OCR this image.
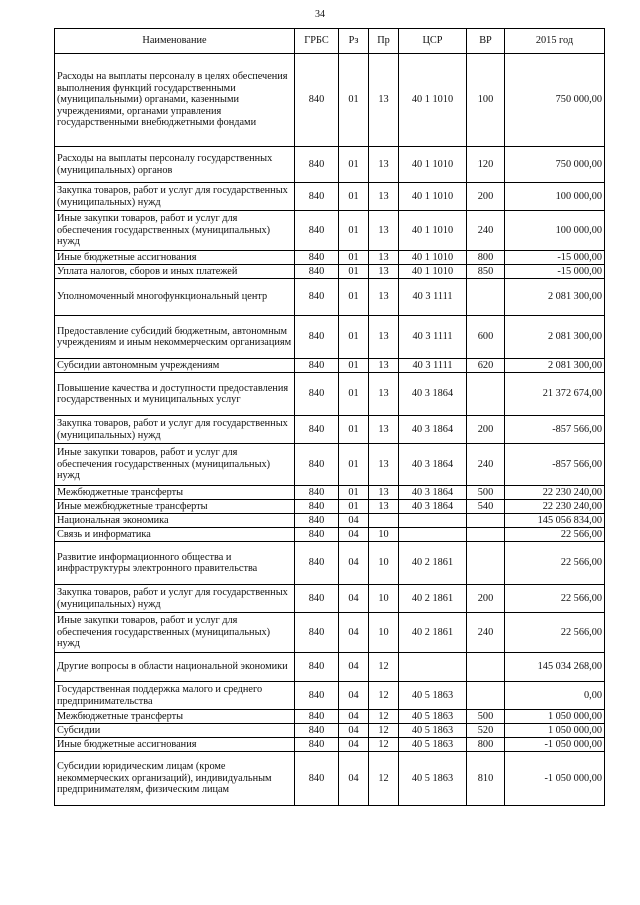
34
Наименование	ГРБС	Рз	Пр	ЦСР	ВР	2015 год
Расходы на выплаты персоналу в целях обеспечения выполнения функций государственными (муниципальными) органами, казенными учреждениями, органами управления государственными внебюджетными фондами	840	01	13	40 1 1010	100	750 000,00
Расходы на выплаты персоналу государственных (муниципальных) органов	840	01	13	40 1 1010	120	750 000,00
Закупка товаров, работ и услуг для государственных (муниципальных) нужд	840	01	13	40 1 1010	200	100 000,00
Иные закупки товаров, работ и услуг для обеспечения государственных (муниципальных) нужд	840	01	13	40 1 1010	240	100 000,00
Иные бюджетные ассигнования	840	01	13	40 1 1010	800	-15 000,00
Уплата налогов, сборов и иных платежей	840	01	13	40 1 1010	850	-15 000,00
Уполномоченный многофункциональный центр	840	01	13	40 3 1111		2 081 300,00
Предоставление субсидий бюджетным, автономным учреждениям и иным некоммерческим организациям	840	01	13	40 3 1111	600	2 081 300,00
Субсидии автономным учреждениям	840	01	13	40 3 1111	620	2 081 300,00
Повышение качества и доступности предоставления государственных и муниципальных услуг	840	01	13	40 3 1864		21 372 674,00
Закупка товаров, работ и услуг для государственных (муниципальных) нужд	840	01	13	40 3 1864	200	-857 566,00
Иные закупки товаров, работ и услуг для обеспечения государственных (муниципальных) нужд	840	01	13	40 3 1864	240	-857 566,00
Межбюджетные трансферты	840	01	13	40 3 1864	500	22 230 240,00
Иные межбюджетные трансферты	840	01	13	40 3 1864	540	22 230 240,00
Национальная экономика	840	04				145 056 834,00
Связь и информатика	840	04	10			22 566,00
Развитие информационного общества и инфраструктуры электронного правительства	840	04	10	40 2 1861		22 566,00
Закупка товаров, работ и услуг для государственных (муниципальных) нужд	840	04	10	40 2 1861	200	22 566,00
Иные закупки товаров, работ и услуг для обеспечения государственных (муниципальных) нужд	840	04	10	40 2 1861	240	22 566,00
Другие вопросы в области национальной экономики	840	04	12			145 034 268,00
Государственная поддержка малого и среднего предпринимательства	840	04	12	40 5 1863		0,00
Межбюджетные трансферты	840	04	12	40 5 1863	500	1 050 000,00
Субсидии	840	04	12	40 5 1863	520	1 050 000,00
Иные бюджетные ассигнования	840	04	12	40 5 1863	800	-1 050 000,00
Субсидии юридическим лицам (кроме некоммерческих организаций), индивидуальным предпринимателям, физическим лицам	840	04	12	40 5 1863	810	-1 050 000,00
